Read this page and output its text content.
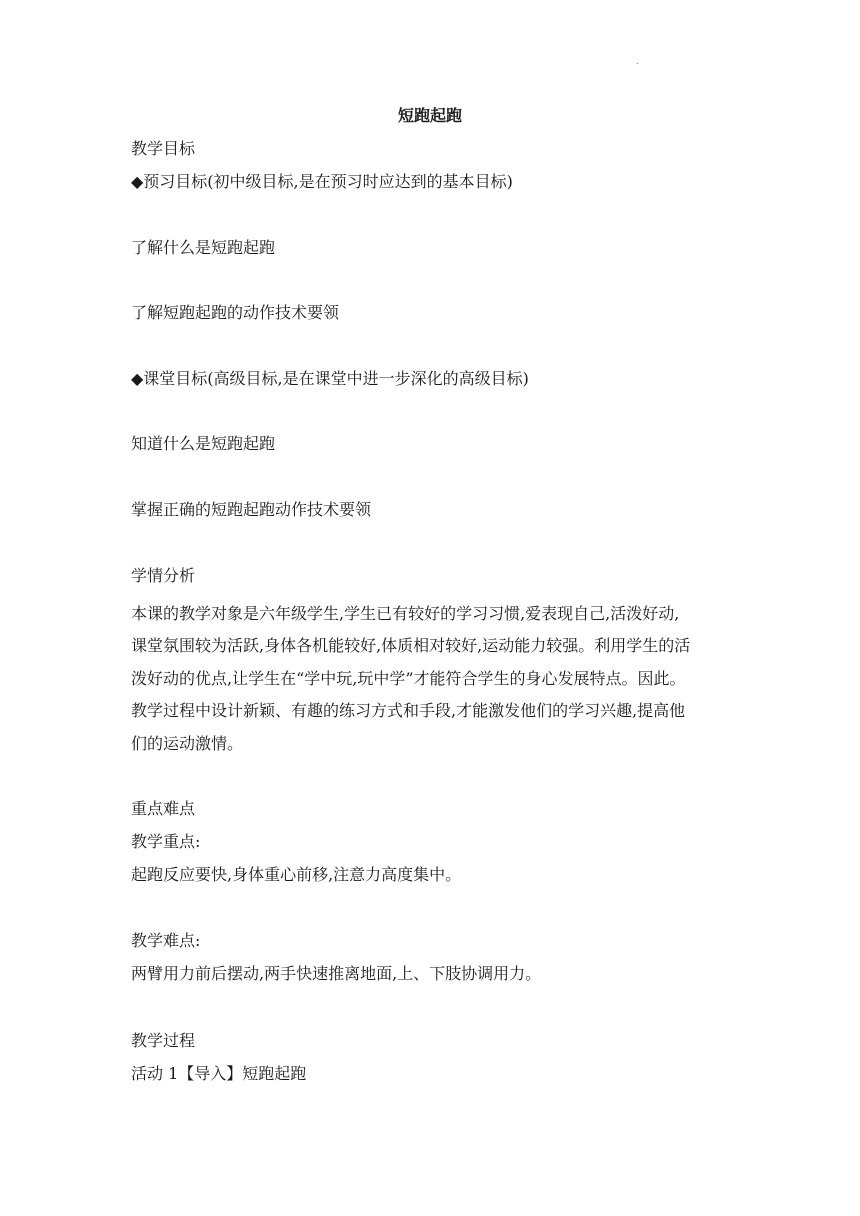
.
短跑起跑
教学目标
◆预习目标(初中级目标,是在预习时应达到的基本目标)
了解什么是短跑起跑
了解短跑起跑的动作技术要领
◆课堂目标(高级目标,是在课堂中进一步深化的高级目标)
知道什么是短跑起跑
掌握正确的短跑起跑动作技术要领
学情分析
本课的教学对象是六年级学生,学生已有较好的学习习惯,爱表现自己,活泼好动,
课堂氛围较为活跃,身体各机能较好,体质相对较好,运动能力较强。利用学生的活
泼好动的优点,让学生在“学中玩,玩中学”才能符合学生的身心发展特点。因此。
教学过程中设计新颖、有趣的练习方式和手段,才能激发他们的学习兴趣,提高他
们的运动激情。
重点难点
教学重点:
起跑反应要快,身体重心前移,注意力高度集中。
教学难点:
两臂用力前后摆动,两手快速推离地面,上、下肢协调用力。
教学过程
活动 1【导入】短跑起跑
